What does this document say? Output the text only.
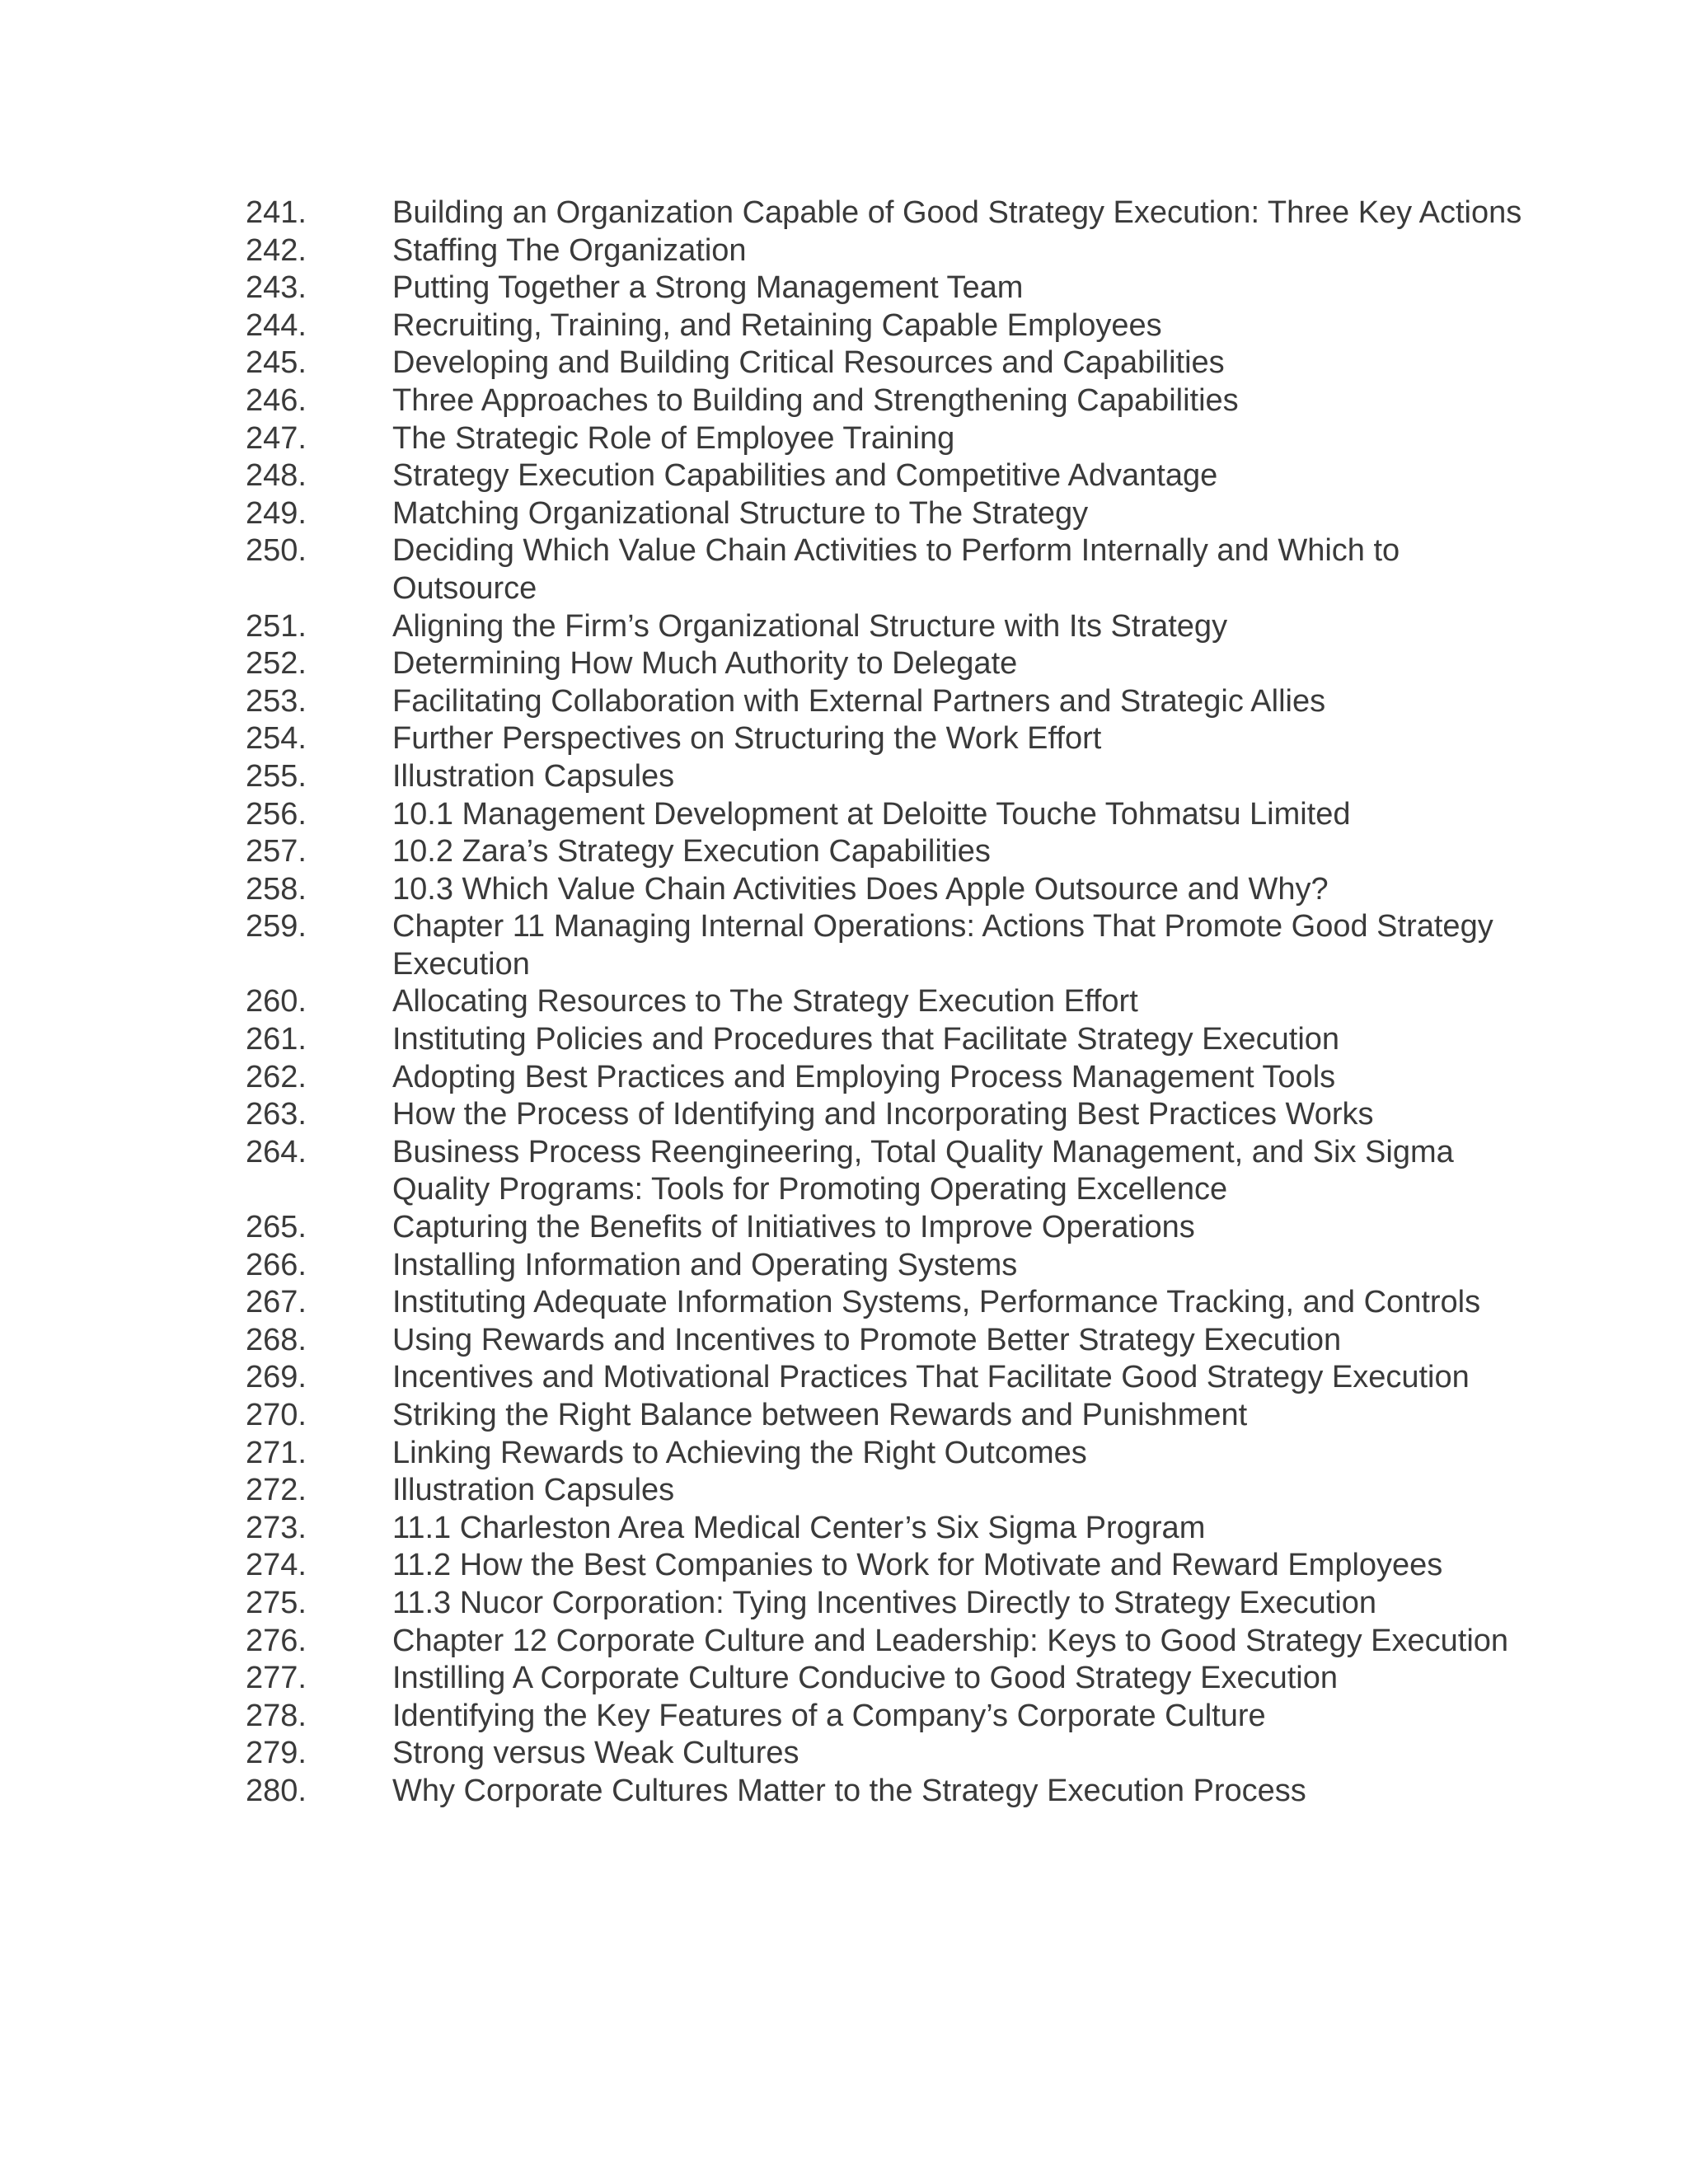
241.	Building an Organization Capable of Good Strategy Execution: Three Key Actions
242.	Staffing The Organization
243.	Putting Together a Strong Management Team
244.	Recruiting, Training, and Retaining Capable Employees
245.	Developing and Building Critical Resources and Capabilities
246.	Three Approaches to Building and Strengthening Capabilities
247.	The Strategic Role of Employee Training
248.	Strategy Execution Capabilities and Competitive Advantage
249.	Matching Organizational Structure to The Strategy
250.	Deciding Which Value Chain Activities to Perform Internally and Which to Outsource
251.	Aligning the Firm’s Organizational Structure with Its Strategy
252.	Determining How Much Authority to Delegate
253.	Facilitating Collaboration with External Partners and Strategic Allies
254.	Further Perspectives on Structuring the Work Effort
255.	Illustration Capsules
256.	10.1 Management Development at Deloitte Touche Tohmatsu Limited
257.	10.2 Zara’s Strategy Execution Capabilities
258.	10.3 Which Value Chain Activities Does Apple Outsource and Why?
259.	Chapter 11 Managing Internal Operations: Actions That Promote Good Strategy Execution
260.	Allocating Resources to The Strategy Execution Effort
261.	Instituting Policies and Procedures that Facilitate Strategy Execution
262.	Adopting Best Practices and Employing Process Management Tools
263.	How the Process of Identifying and Incorporating Best Practices Works
264.	Business Process Reengineering, Total Quality Management, and Six Sigma Quality Programs: Tools for Promoting Operating Excellence
265.	Capturing the Benefits of Initiatives to Improve Operations
266.	Installing Information and Operating Systems
267.	Instituting Adequate Information Systems, Performance Tracking, and Controls
268.	Using Rewards and Incentives to Promote Better Strategy Execution
269.	Incentives and Motivational Practices That Facilitate Good Strategy Execution
270.	Striking the Right Balance between Rewards and Punishment
271.	Linking Rewards to Achieving the Right Outcomes
272.	Illustration Capsules
273.	11.1 Charleston Area Medical Center’s Six Sigma Program
274.	11.2 How the Best Companies to Work for Motivate and Reward Employees
275.	11.3 Nucor Corporation: Tying Incentives Directly to Strategy Execution
276.	Chapter 12 Corporate Culture and Leadership: Keys to Good Strategy Execution
277.	Instilling A Corporate Culture Conducive to Good Strategy Execution
278.	Identifying the Key Features of a Company’s Corporate Culture
279.	Strong versus Weak Cultures
280.	Why Corporate Cultures Matter to the Strategy Execution Process
